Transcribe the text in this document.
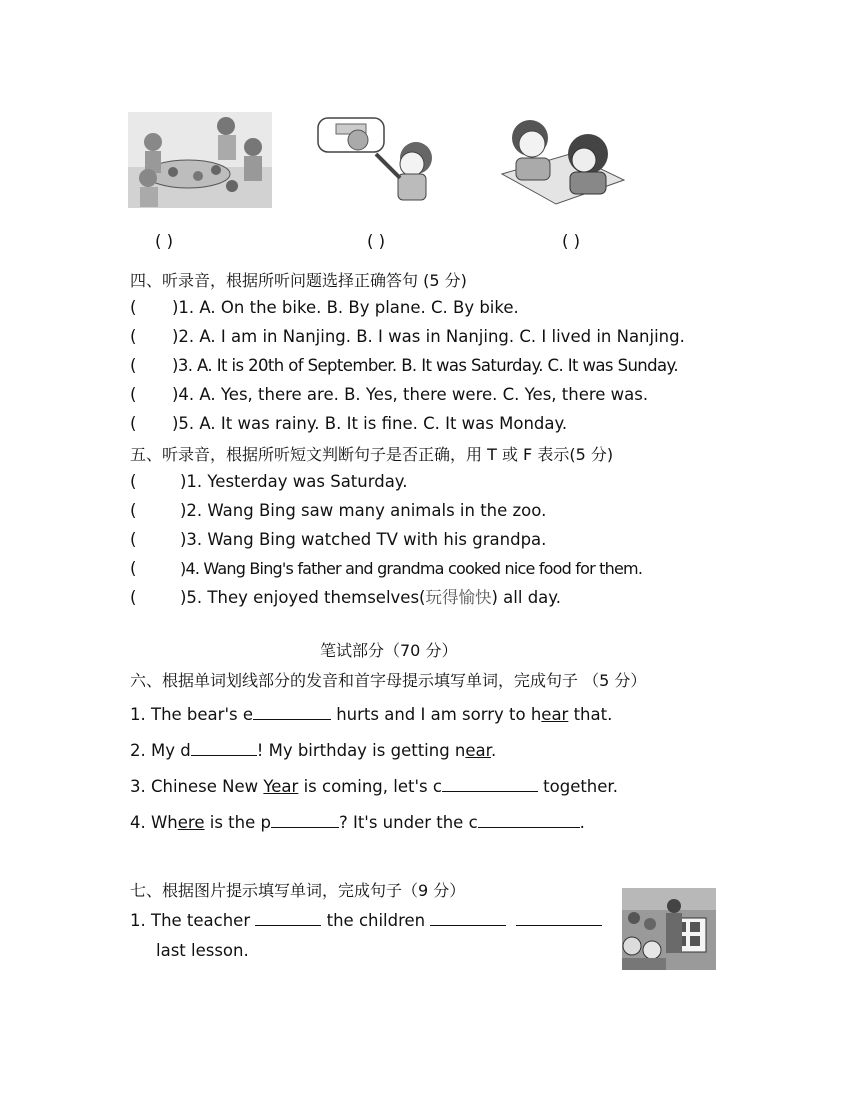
( )	( )	( )
四、听录音，根据所听问题选择正确答句 (5 分)
( )1. A. On the bike. B. By plane. C. By bike.
( )2. A. I am in Nanjing. B. I was in Nanjing. C. I lived in Nanjing.
( )3. A. It is 20th of September. B. It was Saturday. C. It was Sunday.
( )4. A. Yes, there are. B. Yes, there were. C. Yes, there was.
( )5. A. It was rainy. B. It is fine. C. It was Monday.
五、听录音，根据所听短文判断句子是否正确，用 T 或 F 表示(5 分)
(	)1. Yesterday was Saturday.
(	)2. Wang Bing saw many animals in the zoo.
(	)3. Wang Bing watched TV with his grandpa.
(	)4. Wang Bing's father and grandma cooked nice food for them.
(	)5. They enjoyed themselves(玩得愉快) all day.
笔试部分（70 分）
六、根据单词划线部分的发音和首字母提示填写单词，完成句子 （5 分）
1. The bear's e	hurts and I am sorry to hear that.
2. My d	! My birthday is getting near.
3. Chinese New Year is coming, let's c	together.
4. Where is the p	? It's under the c	.
七、根据图片提示填写单词，完成句子（9 分）
1. The teacher	the children
last lesson.
